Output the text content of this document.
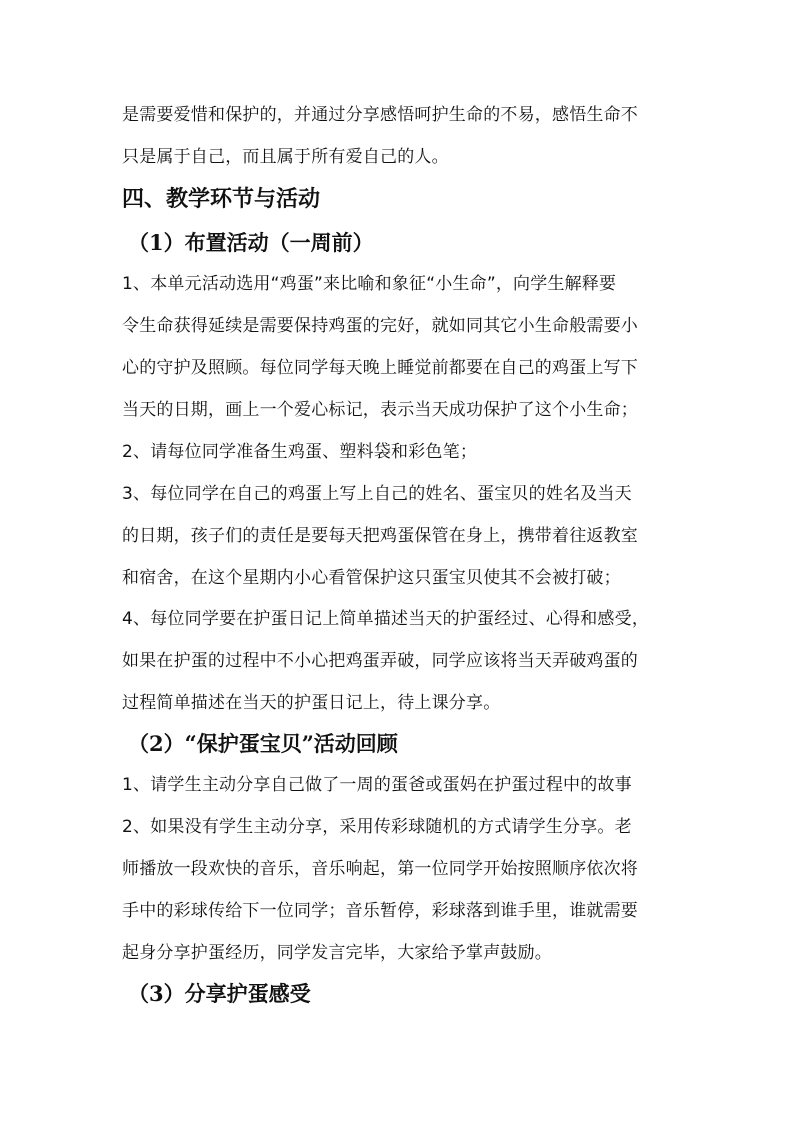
是需要爱惜和保护的，并通过分享感悟呵护生命的不易，感悟生命不
只是属于自己，而且属于所有爱自己的人。
四、教学环节与活动
（1）布置活动（一周前）
1、本单元活动选用“鸡蛋”来比喻和象征“小生命”，向学生解释要
令生命获得延续是需要保持鸡蛋的完好，就如同其它小生命般需要小
心的守护及照顾。每位同学每天晚上睡觉前都要在自己的鸡蛋上写下
当天的日期，画上一个爱心标记，表示当天成功保护了这个小生命；
2、请每位同学准备生鸡蛋、塑料袋和彩色笔；
3、每位同学在自己的鸡蛋上写上自己的姓名、蛋宝贝的姓名及当天
的日期，孩子们的责任是要每天把鸡蛋保管在身上，携带着往返教室
和宿舍，在这个星期内小心看管保护这只蛋宝贝使其不会被打破；
4、每位同学要在护蛋日记上简单描述当天的护蛋经过、心得和感受，
如果在护蛋的过程中不小心把鸡蛋弄破，同学应该将当天弄破鸡蛋的
过程简单描述在当天的护蛋日记上，待上课分享。
（2）“保护蛋宝贝”活动回顾
1、请学生主动分享自己做了一周的蛋爸或蛋妈在护蛋过程中的故事
2、如果没有学生主动分享，采用传彩球随机的方式请学生分享。老
师播放一段欢快的音乐，音乐响起，第一位同学开始按照顺序依次将
手中的彩球传给下一位同学；音乐暂停，彩球落到谁手里，谁就需要
起身分享护蛋经历，同学发言完毕，大家给予掌声鼓励。
（3）分享护蛋感受
